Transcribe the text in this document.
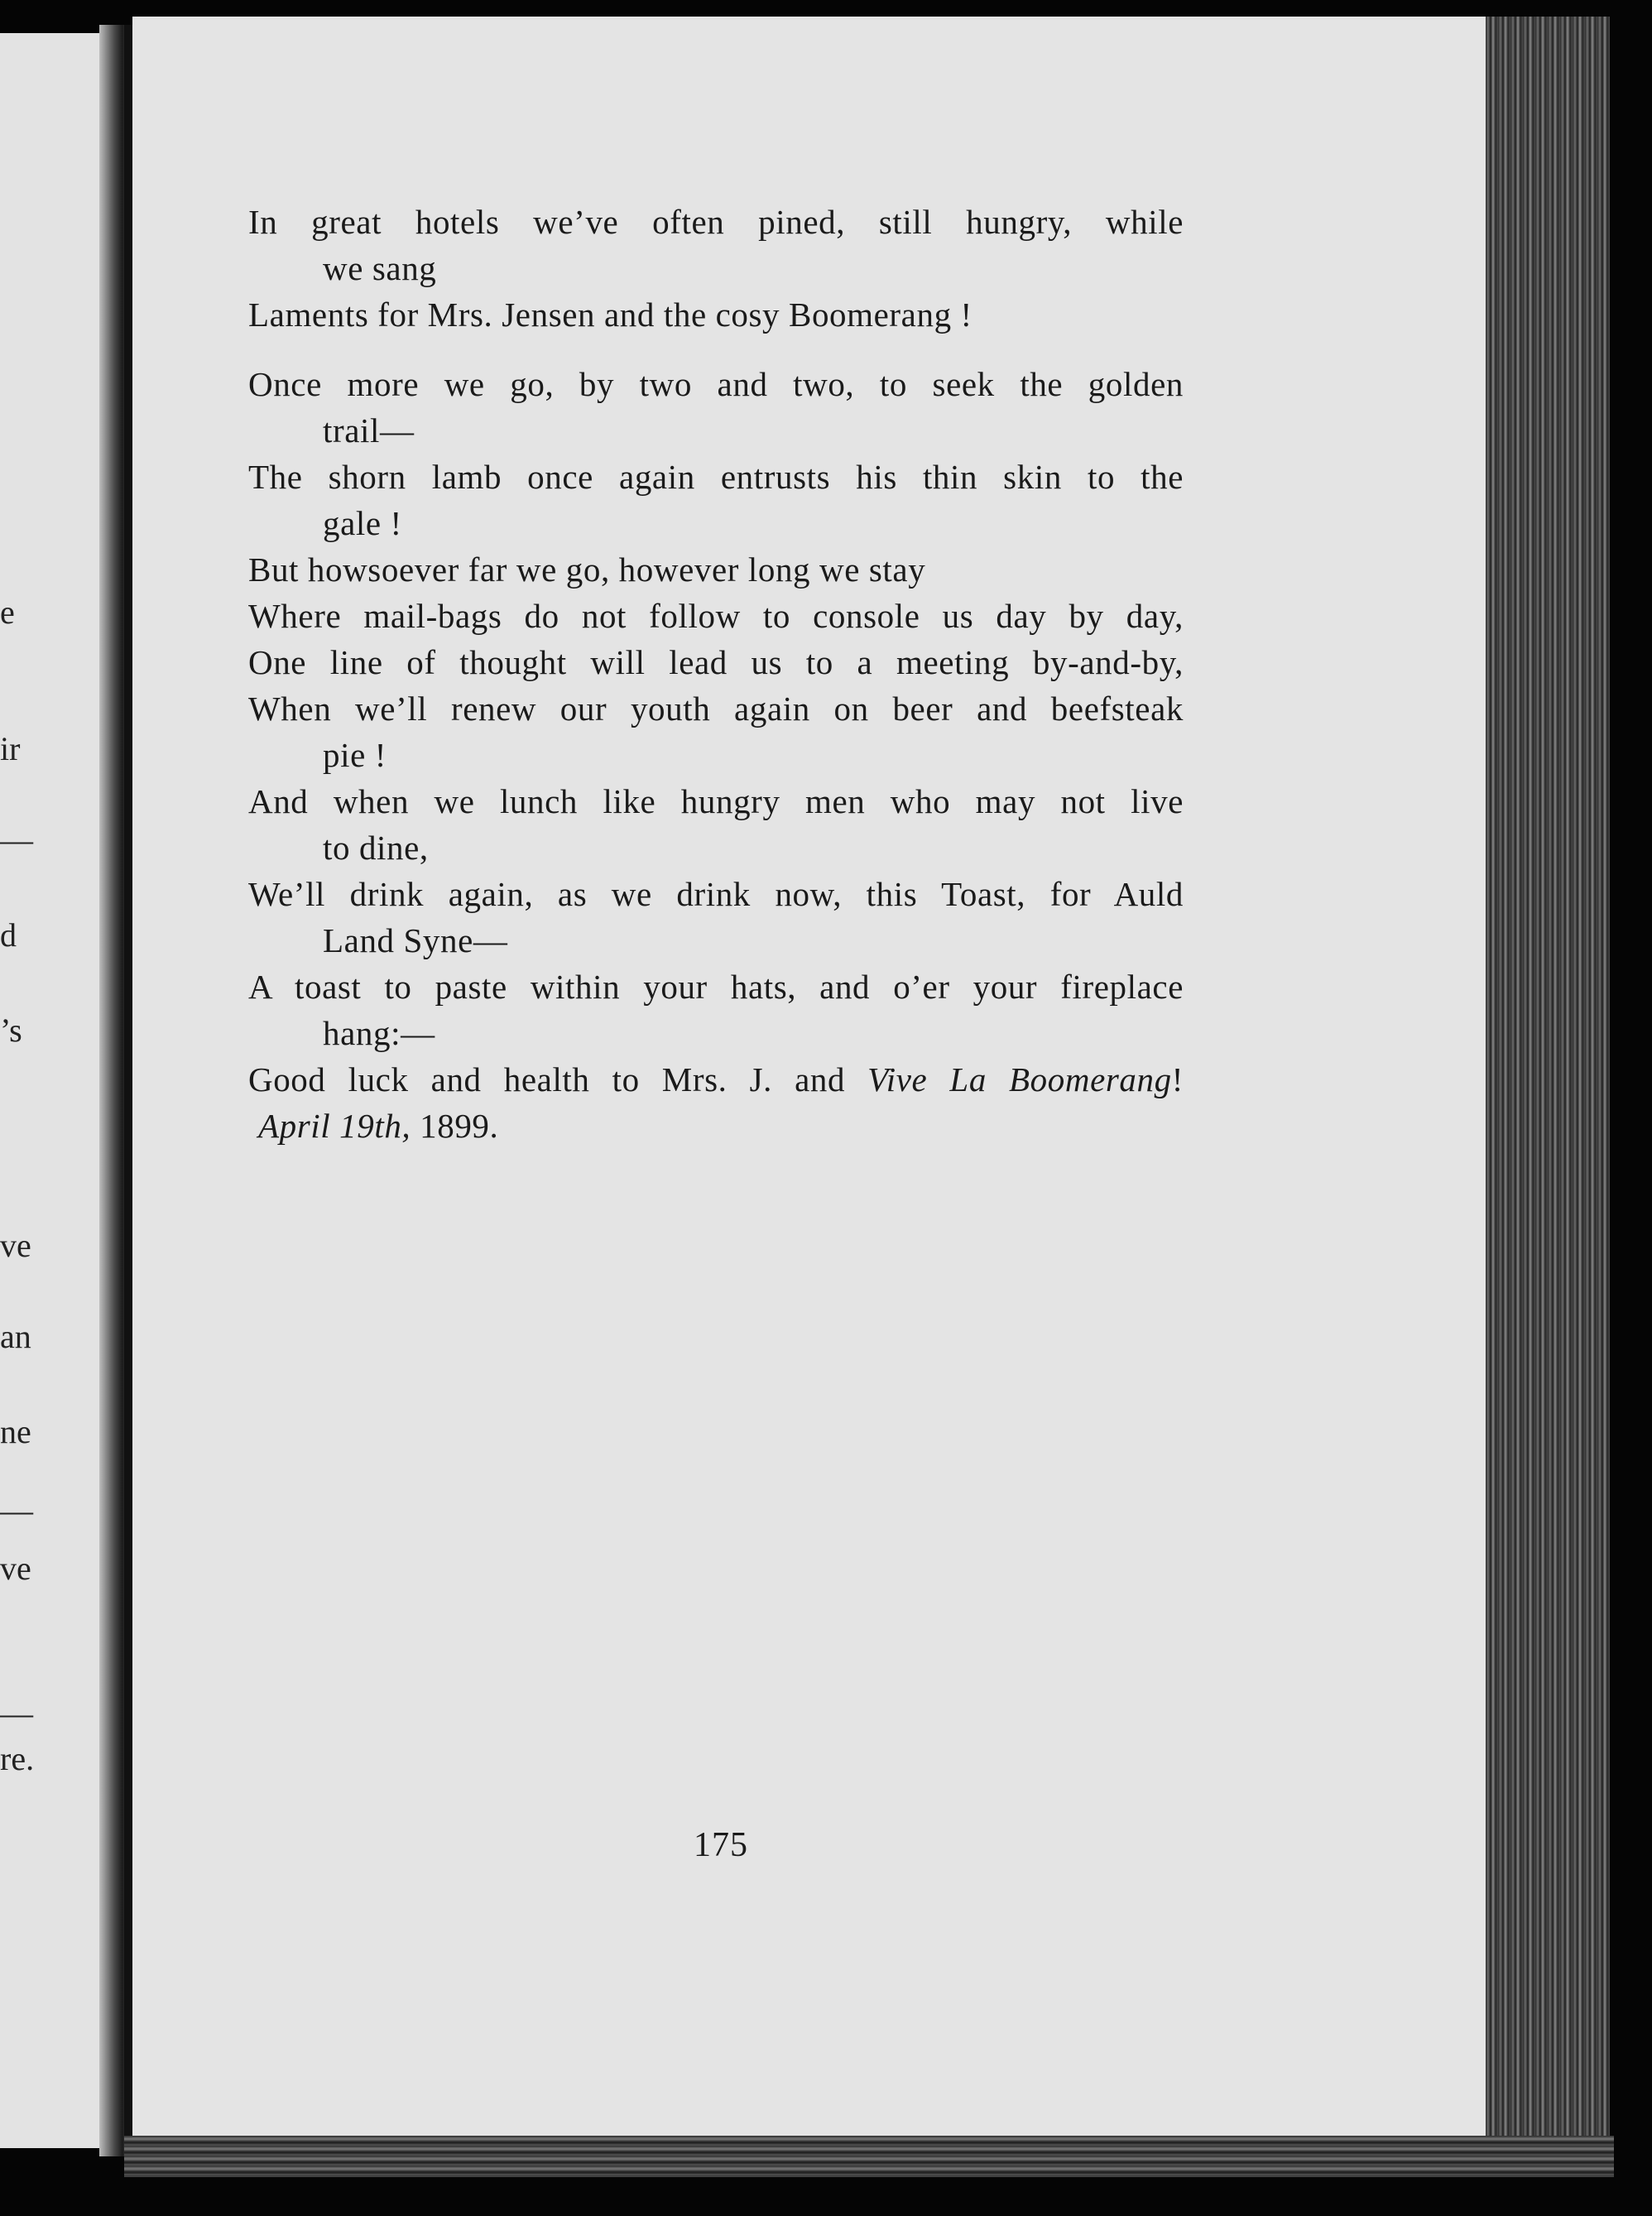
e
ir
—
d
’s
ve
an
ne
—
ve
—
re.

In great hotels we’ve often pined, still hungry, while

we sang

Laments for Mrs. Jensen and the cosy Boomerang !

Once more we go, by two and two, to seek the golden

trail—

The shorn lamb once again entrusts his thin skin to the

gale !

But howsoever far we go, however long we stay

Where mail-bags do not follow to console us day by day,

One line of thought will lead us to a meeting by-and-by,

When we’ll renew our youth again on beer and beefsteak

pie !

And when we lunch like hungry men who may not live

to dine,

We’ll drink again, as we drink now, this Toast, for Auld

Land Syne—

A toast to paste within your hats, and o’er your fireplace

hang:—

Good luck and health to Mrs. J. and Vive La Boomerang!

April 19th, 1899.

175
